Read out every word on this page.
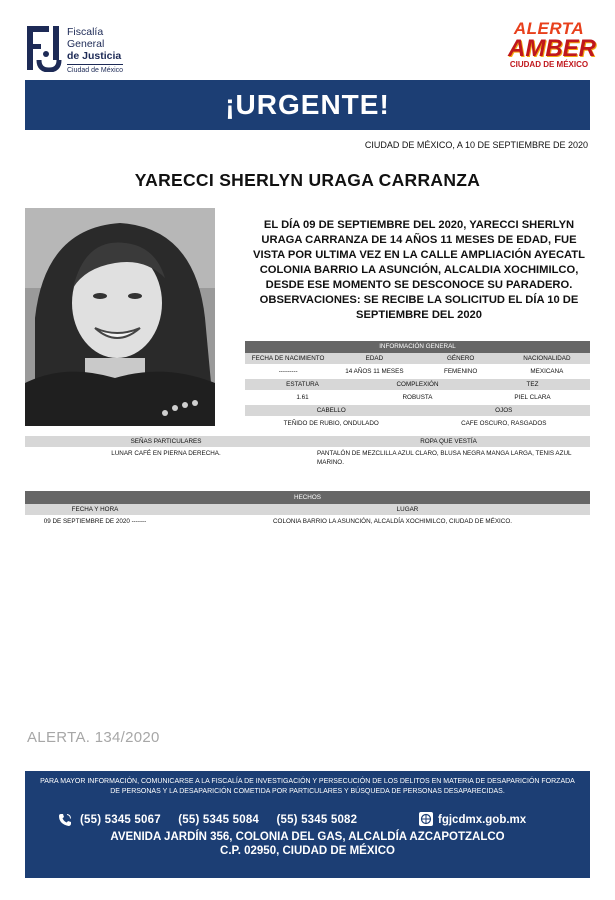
Fiscalía
General
de Justicia
Ciudad de México
ALERTA
AMBER
CIUDAD DE MÉXICO
¡URGENTE!
CIUDAD DE MÉXICO, A 10 DE SEPTIEMBRE DE 2020
YARECCI SHERLYN URAGA CARRANZA

EL DÍA 09 DE SEPTIEMBRE DEL 2020, YARECCI SHERLYN URAGA CARRANZA DE 14 AÑOS 11 MESES DE EDAD, FUE VISTA POR ULTIMA VEZ EN LA CALLE AMPLIACIÓN AYECATL COLONIA BARRIO LA ASUNCIÓN, ALCALDIA XOCHIMILCO, DESDE ESE MOMENTO SE DESCONOCE SU PARADERO.

OBSERVACIONES: SE RECIBE LA SOLICITUD EL DÍA 10 DE SEPTIEMBRE DEL 2020

INFORMACIÓN GENERAL
FECHA DE NACIMIENTO	EDAD	GÉNERO	NACIONALIDAD
---------	14 AÑOS 11 MESES	FEMENINO	MEXICANA
ESTATURA	COMPLEXIÓN	TEZ
1.61	ROBUSTA	PIEL CLARA
CABELLO	OJOS
TEÑIDO DE RUBIO, ONDULADO	CAFE OSCURO, RASGADOS
SEÑAS PARTICULARES	ROPA QUE VESTÍA
LUNAR CAFÉ EN PIERNA DERECHA.	PANTALÓN DE MEZCLILLA AZUL CLARO, BLUSA NEGRA MANGA LARGA, TENIS AZUL MARINO.
HECHOS
FECHA Y HORA	LUGAR
09 DE SEPTIEMBRE DE 2020 -------	COLONIA BARRIO LA ASUNCIÓN, ALCALDÍA XOCHIMILCO, CIUDAD DE MÉXICO.
ALERTA. 134/2020
PARA MAYOR INFORMACIÓN, COMUNICARSE A LA FISCALÍA DE INVESTIGACIÓN Y PERSECUCIÓN DE LOS DELITOS EN MATERIA DE DESAPARICIÓN FORZADA DE PERSONAS Y LA DESAPARICIÓN COMETIDA POR PARTICULARES Y BÚSQUEDA DE PERSONAS DESAPARECIDAS.
(55) 5345 5067 (55) 5345 5084 (55) 5345 5082	fgjcdmx.gob.mx
AVENIDA JARDÍN 356, COLONIA DEL GAS, ALCALDÍA AZCAPOTZALCO
C.P. 02950, CIUDAD DE MÉXICO
